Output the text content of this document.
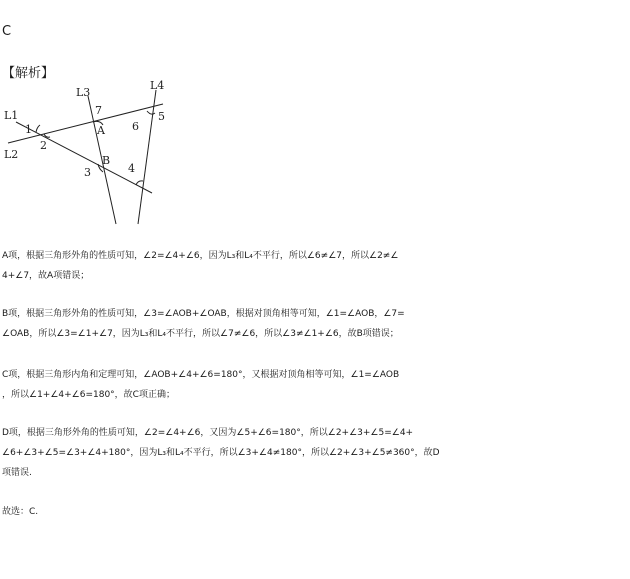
C
【解析】
L1
L2
L3
L4
1
2
7
6
5
3	4
A
B
A项，根据三角形外角的性质可知，∠2=∠4+∠6，因为L₃和L₄不平行，所以∠6≠∠7，所以∠2≠∠
4+∠7，故A项错误；
B项，根据三角形外角的性质可知，∠3=∠AOB+∠OAB，根据对顶角相等可知，∠1=∠AOB，∠7=
∠OAB，所以∠3=∠1+∠7，因为L₃和L₄不平行，所以∠7≠∠6，所以∠3≠∠1+∠6，故B项错误；
C项，根据三角形内角和定理可知，∠AOB+∠4+∠6=180°，又根据对顶角相等可知，∠1=∠AOB
，所以∠1+∠4+∠6=180°，故C项正确；
D项，根据三角形外角的性质可知，∠2=∠4+∠6，又因为∠5+∠6=180°，所以∠2+∠3+∠5=∠4+
∠6+∠3+∠5=∠3+∠4+180°，因为L₃和L₄不平行，所以∠3+∠4≠180°，所以∠2+∠3+∠5≠360°，故D
项错误.
故选：C.
